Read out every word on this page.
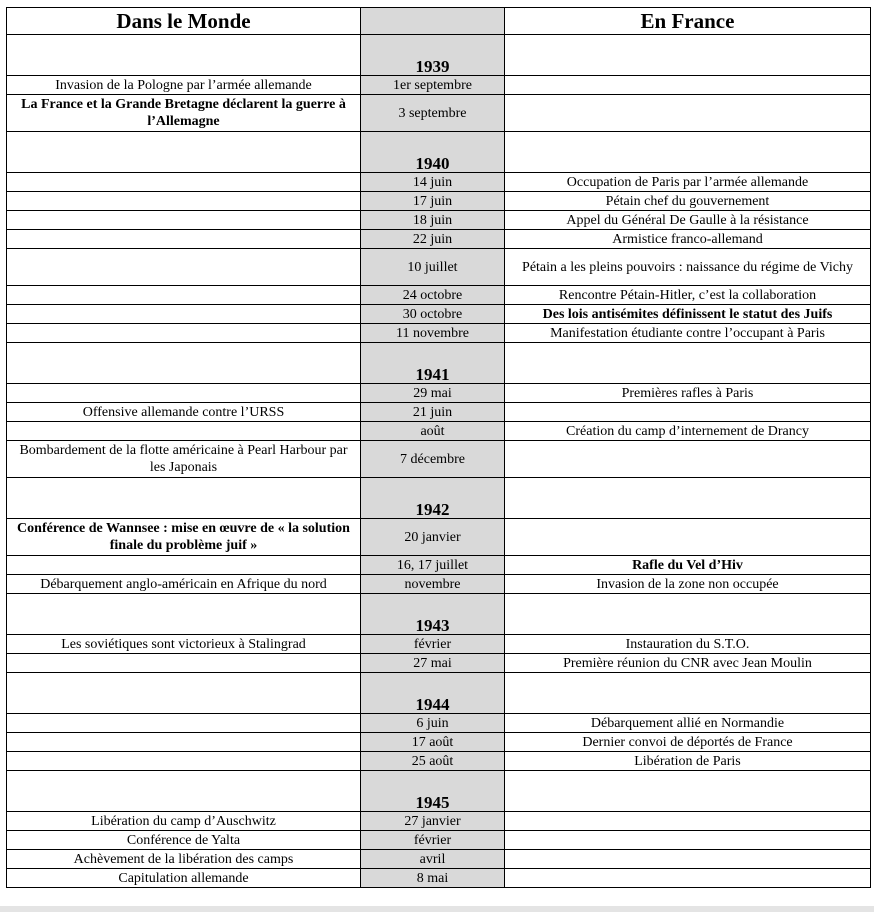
Dans le Monde		En France
	1939	
Invasion de la Pologne par l’armée allemande	1er septembre	
La France et la Grande Bretagne déclarent la guerre à l’Allemagne	3 septembre	
	1940	
	14 juin	Occupation de Paris par l’armée allemande
	17 juin	Pétain chef du gouvernement
	18 juin	Appel du Général De Gaulle à la résistance
	22 juin	Armistice franco-allemand
	10 juillet	Pétain a les pleins pouvoirs : naissance du régime de Vichy
	24 octobre	Rencontre Pétain-Hitler, c’est la collaboration
	30 octobre	Des lois antisémites définissent le statut des Juifs
	11 novembre	Manifestation étudiante contre l’occupant à Paris
	1941	
	29 mai	Premières rafles à Paris
Offensive allemande contre l’URSS	21 juin	
	août	Création du camp d’internement de Drancy
Bombardement de la flotte américaine à Pearl Harbour par les Japonais	7 décembre	
	1942	
Conférence de Wannsee : mise en œuvre de « la solution finale du problème juif »	20 janvier	
	16, 17 juillet	Rafle du Vel d’Hiv
Débarquement anglo-américain en Afrique du nord	novembre	Invasion de la zone non occupée
	1943	
Les soviétiques sont victorieux à Stalingrad	février	Instauration du S.T.O.
	27 mai	Première réunion du CNR avec Jean Moulin
	1944	
	6 juin	Débarquement allié en Normandie
	17 août	Dernier convoi de déportés de France
	25 août	Libération de Paris
	1945	
Libération du camp d’Auschwitz	27 janvier	
Conférence de Yalta	février	
Achèvement de la libération des camps	avril	
Capitulation allemande	8 mai	
